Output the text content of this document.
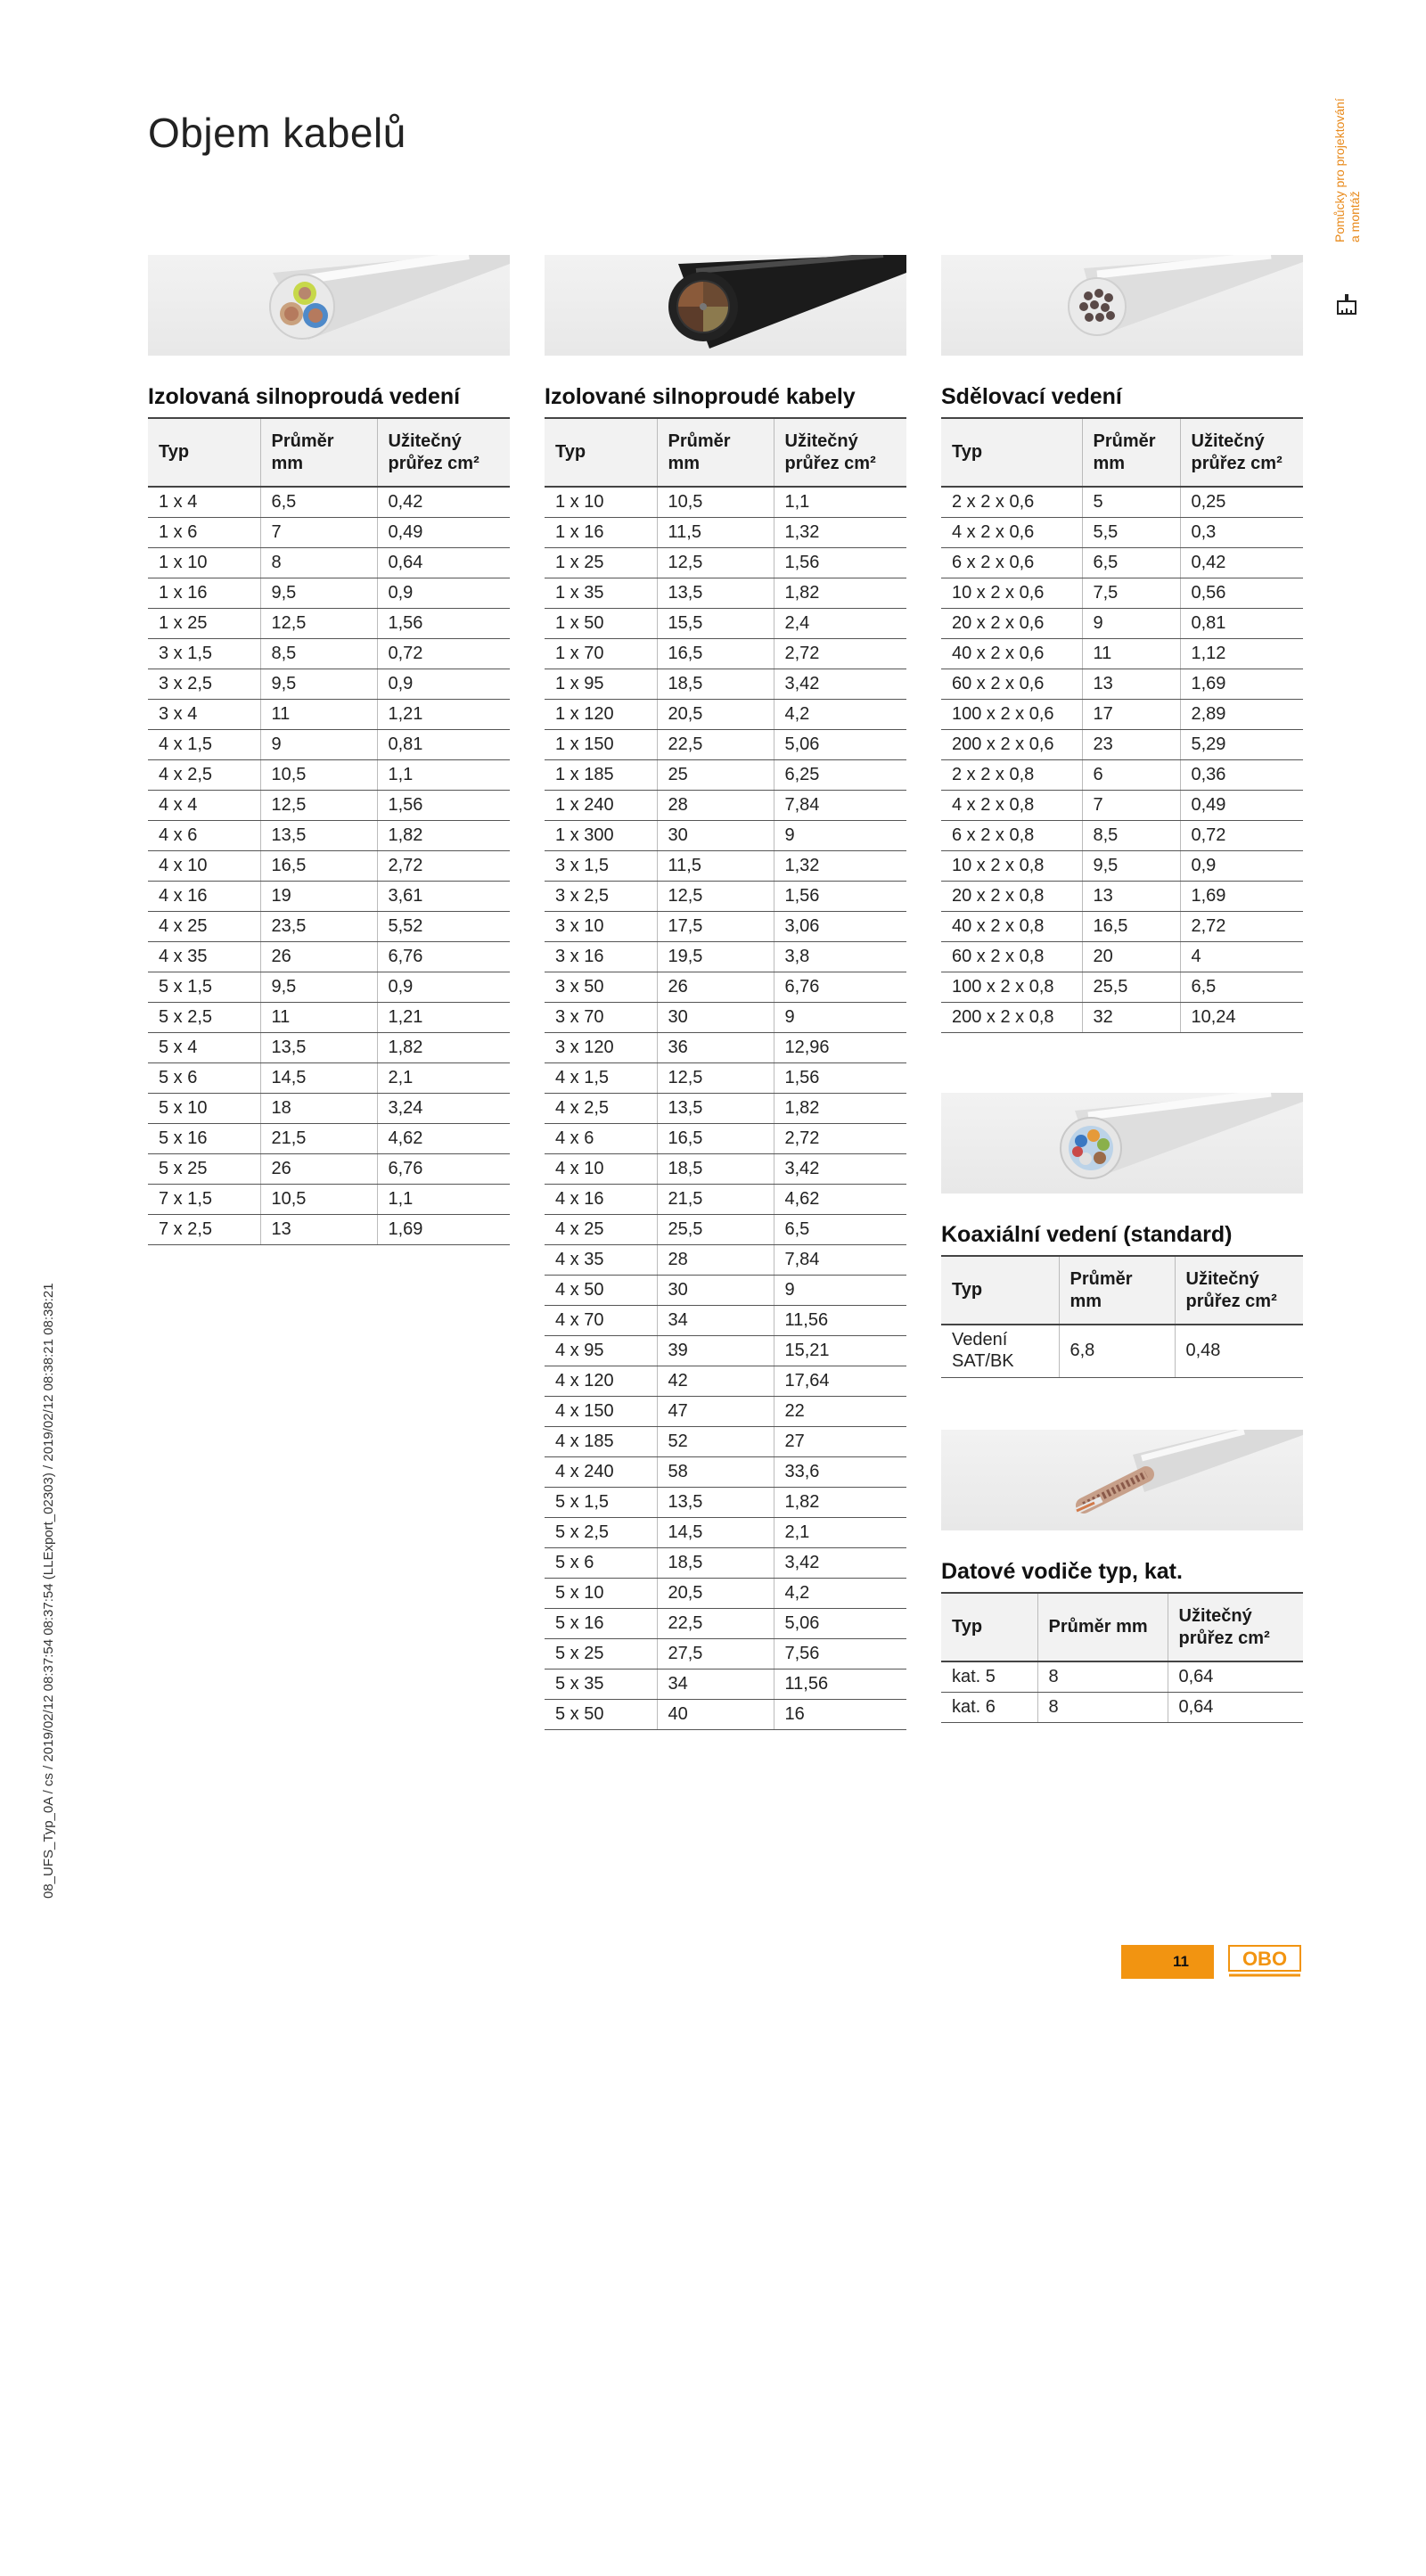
Objem kabelů	Pomůcky pro projektování a montáž
Izolovaná silnoproudá vedení
Typ	Průměr mm	Užitečný průřez cm²
1 x 4	6,5	0,42
1 x 6	7	0,49
1 x 10	8	0,64
1 x 16	9,5	0,9
1 x 25	12,5	1,56
3 x 1,5	8,5	0,72
3 x 2,5	9,5	0,9
3 x 4	11	1,21
4 x 1,5	9	0,81
4 x 2,5	10,5	1,1
4 x 4	12,5	1,56
4 x 6	13,5	1,82
4 x 10	16,5	2,72
4 x 16	19	3,61
4 x 25	23,5	5,52
4 x 35	26	6,76
5 x 1,5	9,5	0,9
5 x 2,5	11	1,21
5 x 4	13,5	1,82
5 x 6	14,5	2,1
5 x 10	18	3,24
5 x 16	21,5	4,62
5 x 25	26	6,76
7 x 1,5	10,5	1,1
7 x 2,5	13	1,69
Izolované silnoproudé kabely
Typ	Průměr mm	Užitečný průřez cm²
1 x 10	10,5	1,1
1 x 16	11,5	1,32
1 x 25	12,5	1,56
1 x 35	13,5	1,82
1 x 50	15,5	2,4
1 x 70	16,5	2,72
1 x 95	18,5	3,42
1 x 120	20,5	4,2
1 x 150	22,5	5,06
1 x 185	25	6,25
1 x 240	28	7,84
1 x 300	30	9
3 x 1,5	11,5	1,32
3 x 2,5	12,5	1,56
3 x 10	17,5	3,06
3 x 16	19,5	3,8
3 x 50	26	6,76
3 x 70	30	9
3 x 120	36	12,96
4 x 1,5	12,5	1,56
4 x 2,5	13,5	1,82
4 x 6	16,5	2,72
4 x 10	18,5	3,42
4 x 16	21,5	4,62
4 x 25	25,5	6,5
4 x 35	28	7,84
4 x 50	30	9
4 x 70	34	11,56
4 x 95	39	15,21
4 x 120	42	17,64
4 x 150	47	22
4 x 185	52	27
4 x 240	58	33,6
5 x 1,5	13,5	1,82
5 x 2,5	14,5	2,1
5 x 6	18,5	3,42
5 x 10	20,5	4,2
5 x 16	22,5	5,06
5 x 25	27,5	7,56
5 x 35	34	11,56
5 x 50	40	16
Sdělovací vedení
Typ	Průměr mm	Užitečný průřez cm²
2 x 2 x 0,6	5	0,25
4 x 2 x 0,6	5,5	0,3
6 x 2 x 0,6	6,5	0,42
10 x 2 x 0,6	7,5	0,56
20 x 2 x 0,6	9	0,81
40 x 2 x 0,6	11	1,12
60 x 2 x 0,6	13	1,69
100 x 2 x 0,6	17	2,89
200 x 2 x 0,6	23	5,29
2 x 2 x 0,8	6	0,36
4 x 2 x 0,8	7	0,49
6 x 2 x 0,8	8,5	0,72
10 x 2 x 0,8	9,5	0,9
20 x 2 x 0,8	13	1,69
40 x 2 x 0,8	16,5	2,72
60 x 2 x 0,8	20	4
100 x 2 x 0,8	25,5	6,5
200 x 2 x 0,8	32	10,24
Koaxiální vedení (standard)
Typ	Průměr mm	Užitečný průřez cm²
Vedení SAT/BK	6,8	0,48
Datové vodiče typ, kat.
Typ	Průměr mm	Užitečný průřez cm²
kat. 5	8	0,64
kat. 6	8	0,64
08_UFS_Typ_0A / cs / 2019/02/12 08:37:54 08:37:54 (LLExport_02303) / 2019/02/12 08:38:21 08:38:21
11	OBO
